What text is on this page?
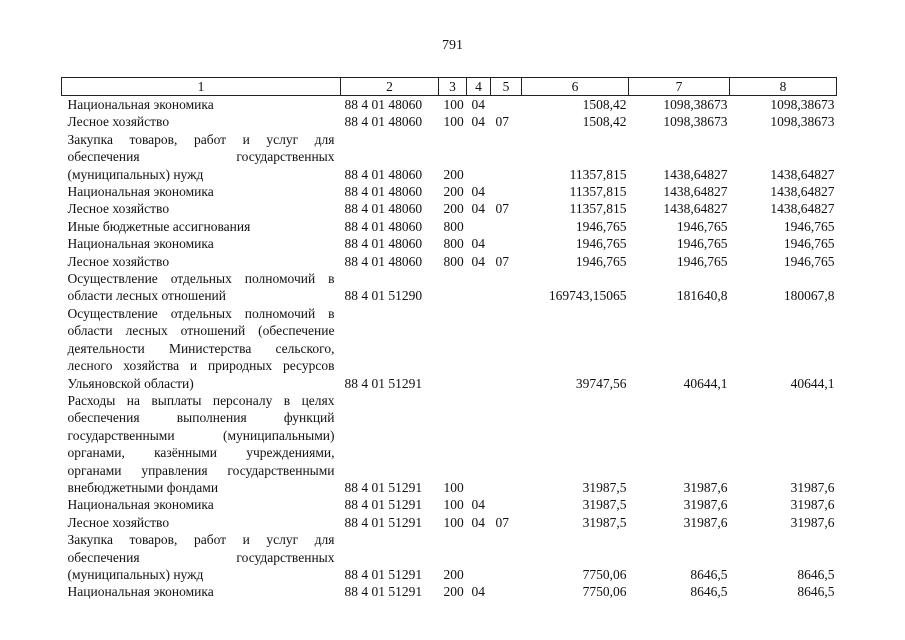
791
1	2	3	4	5	6	7	8
Национальная экономика	88 4 01 48060	100	04		1508,42	1098,38673	1098,38673
Лесное хозяйство	88 4 01 48060	100	04	07	1508,42	1098,38673	1098,38673
Закупка товаров, работ и услуг для обеспечения государственных (муниципальных) нужд	88 4 01 48060	200			11357,815	1438,64827	1438,64827
Национальная экономика	88 4 01 48060	200	04		11357,815	1438,64827	1438,64827
Лесное хозяйство	88 4 01 48060	200	04	07	11357,815	1438,64827	1438,64827
Иные бюджетные ассигнования	88 4 01 48060	800			1946,765	1946,765	1946,765
Национальная экономика	88 4 01 48060	800	04		1946,765	1946,765	1946,765
Лесное хозяйство	88 4 01 48060	800	04	07	1946,765	1946,765	1946,765
Осуществление отдельных полномочий в области лесных отношений	88 4 01 51290				169743,15065	181640,8	180067,8
Осуществление отдельных полномочий в области лесных отношений (обеспечение деятельности Министерства сельского, лесного хозяйства и природных ресурсов Ульяновской области)	88 4 01 51291				39747,56	40644,1	40644,1
Расходы на выплаты персоналу в целях обеспечения выполнения функций государственными (муниципальными) органами, казёнными учреждениями, органами управления государственными внебюджетными фондами	88 4 01 51291	100			31987,5	31987,6	31987,6
Национальная экономика	88 4 01 51291	100	04		31987,5	31987,6	31987,6
Лесное хозяйство	88 4 01 51291	100	04	07	31987,5	31987,6	31987,6
Закупка товаров, работ и услуг для обеспечения государственных (муниципальных) нужд	88 4 01 51291	200			7750,06	8646,5	8646,5
Национальная экономика	88 4 01 51291	200	04		7750,06	8646,5	8646,5
